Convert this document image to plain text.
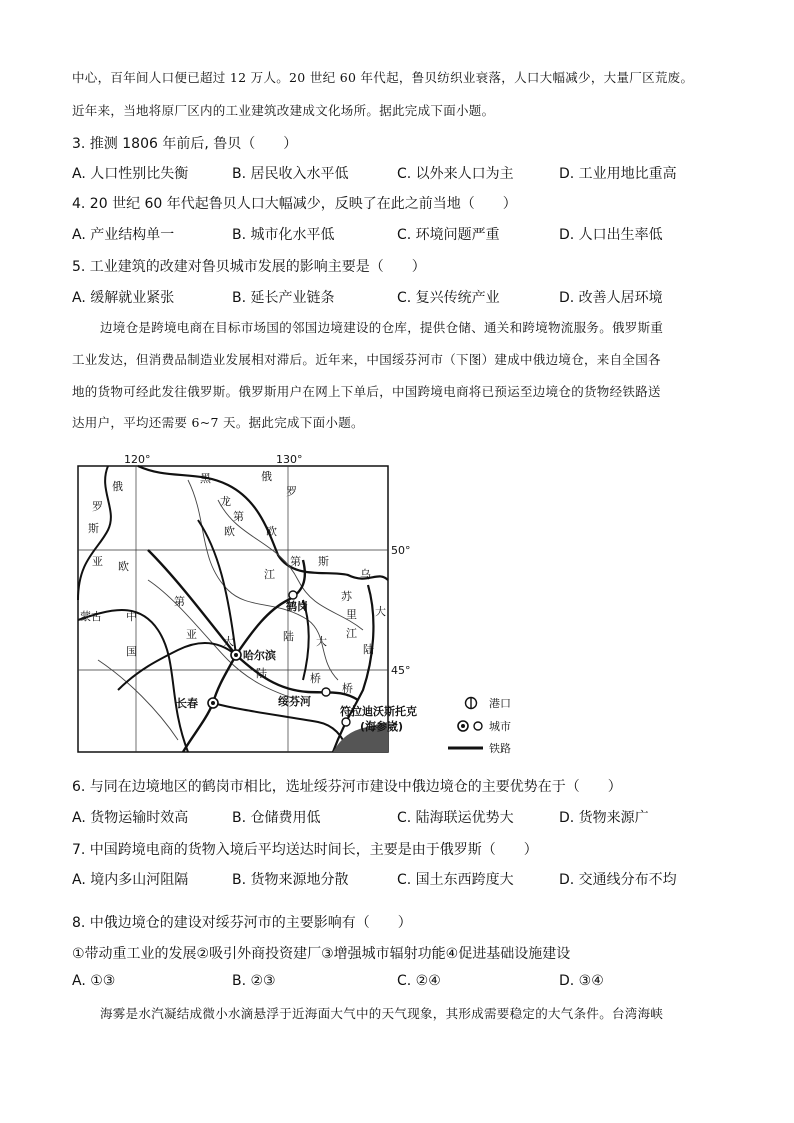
中心，百年间人口便已超过 12 万人。20 世纪 60 年代起，鲁贝纺织业衰落，人口大幅减少，大量厂区荒废。
近年来，当地将原厂区内的工业建筑改建成文化场所。据此完成下面小题。
3. 推测 1806 年前后, 鲁贝（　　）
A. 人口性别比失衡	B. 居民收入水平低	C. 以外来人口为主	D. 工业用地比重高
4. 20 世纪 60 年代起鲁贝人口大幅减少，反映了在此之前当地（　　）
A. 产业结构单一	B. 城市化水平低	C. 环境问题严重	D. 人口出生率低
5. 工业建筑的改建对鲁贝城市发展的影响主要是（　　）
A. 缓解就业紧张	B. 延长产业链条	C. 复兴传统产业	D. 改善人居环境
边境仓是跨境电商在目标市场国的邻国边境建设的仓库，提供仓储、通关和跨境物流服务。俄罗斯重
工业发达，但消费品制造业发展相对滞后。近年来，中国绥芬河市（下图）建成中俄边境仓，来自全国各
地的货物可经此发往俄罗斯。俄罗斯用户在网上下单后，中国跨境电商将已预运至边境仓的货物经铁路送
达用户，平均还需要 6~7 天。据此完成下面小题。
120°	130°
50°
45°
俄
罗
斯
亚
蒙古 中
国
欧
第
亚
欧
大
陆
第
江
黑
龙
第
欧
俄
罗
斯
大
陆
桥
桥
乌
苏
里
江
大
陆
哈尔滨
长春
鹤岗
绥芬河
符拉迪沃斯托克
(海参崴)
港口
城市
铁路
6. 与同在边境地区的鹤岗市相比，选址绥芬河市建设中俄边境仓的主要优势在于（　　）
A. 货物运输时效高	B. 仓储费用低	C. 陆海联运优势大	D. 货物来源广
7. 中国跨境电商的货物入境后平均送达时间长，主要是由于俄罗斯（　　）
A. 境内多山河阻隔	B. 货物来源地分散	C. 国土东西跨度大	D. 交通线分布不均
8. 中俄边境仓的建设对绥芬河市的主要影响有（　　）
①带动重工业的发展②吸引外商投资建厂③增强城市辐射功能④促进基础设施建设
A. ①③	B. ②③	C. ②④	D. ③④
海雾是水汽凝结成微小水滴悬浮于近海面大气中的天气现象，其形成需要稳定的大气条件。台湾海峡
